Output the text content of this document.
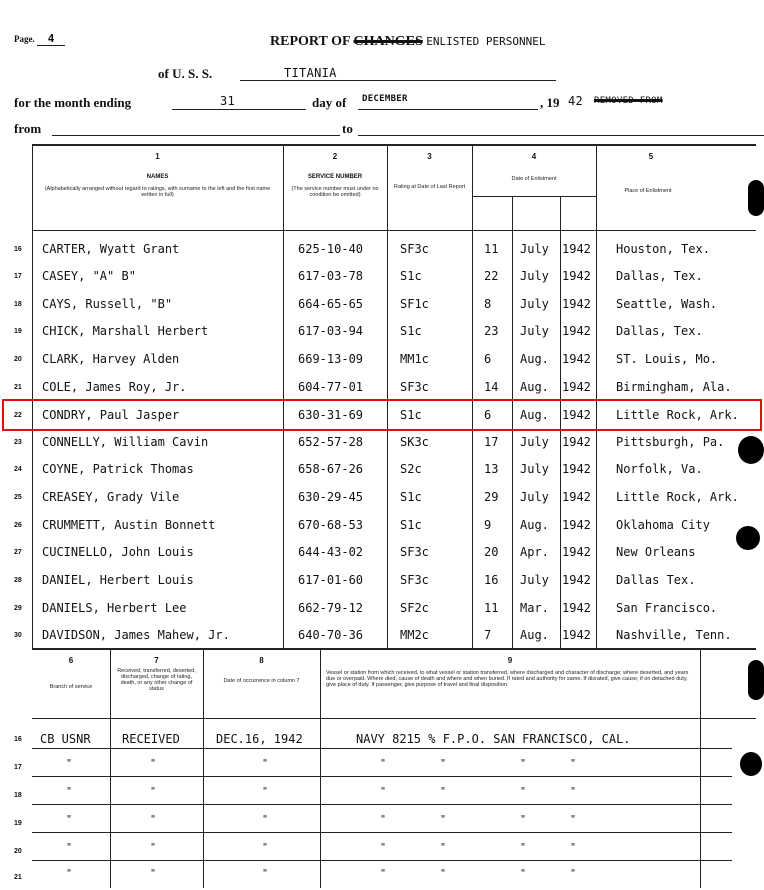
Page. 4	REPORT OF CHANGES ENLISTED PERSONNEL
of U. S. S.	TITANIA
for the month ending	31	day of DECEMBER	, 19 42 REMOVED FROM
from	to
1
NAMES
(Alphabetically arranged without regard to ratings, with surname to the left and the first name written in full)
2
SERVICE NUMBER
(The service number must under no condition be omitted)
3
Rating at Date of Last Report
4
Date of Enlistment
5
Place of Enlistment
16 CARTER, Wyatt Grant	625-10-40	SF3c	11 July 1942 Houston, Tex.
17 CASEY, "A" B"	617-03-78	S1c	22 July 1942 Dallas, Tex.
18 CAYS, Russell, "B"	664-65-65	SF1c	8 July 1942 Seattle, Wash.
19 CHICK, Marshall Herbert	617-03-94	S1c	23 July 1942 Dallas, Tex.
20 CLARK, Harvey Alden	669-13-09	MM1c	6 Aug. 1942 ST. Louis, Mo.
21 COLE, James Roy, Jr.	604-77-01	SF3c	14 Aug. 1942 Birmingham, Ala.
22 CONDRY, Paul Jasper	630-31-69	S1c	6 Aug. 1942 Little Rock, Ark.
23 CONNELLY, William Cavin	652-57-28	SK3c	17 July 1942 Pittsburgh, Pa.
24 COYNE, Patrick Thomas	658-67-26	S2c	13 July 1942 Norfolk, Va.
25 CREASEY, Grady Vile	630-29-45	S1c	29 July 1942 Little Rock, Ark.
26 CRUMMETT, Austin Bonnett	670-68-53	S1c	9 Aug. 1942 Oklahoma City
27 CUCINELLO, John Louis	644-43-02	SF3c	20 Apr. 1942 New Orleans
28 DANIEL, Herbert Louis	617-01-60	SF3c	16 July 1942 Dallas Tex.
29 DANIELS, Herbert Lee	662-79-12	SF2c	11 Mar. 1942 San Francisco.
30 DAVIDSON, James Mahew, Jr.	640-70-36	MM2c	7 Aug. 1942 Nashville, Tenn.
6
Branch of service
7
Received, transferred, deserted, discharged, change of rating, death, or any other change of status
8
Date of occurrence in column 7
9
Vessel or station from which received, to what vessel or station transferred, where discharged and character of discharge; where deserted, and years due or overpaid. Where died, cause of death and where and when buried. If rated and authority for same. If disrated, give cause; if on detached duty, give place of duty. If passenger, give purpose of travel and final disposition.
16 CB USNR	RECEIVED	DEC.16, 1942	NAVY 8215 % F.P.O. SAN FRANCISCO, CAL.
17	"	"	"	"	"	"	"
18	"	"	"	"	"	"	"
19	"	"	"	"	"	"	"
20	"	"	"	"	"	"	"
21	"	"	"	"	"	"	"
